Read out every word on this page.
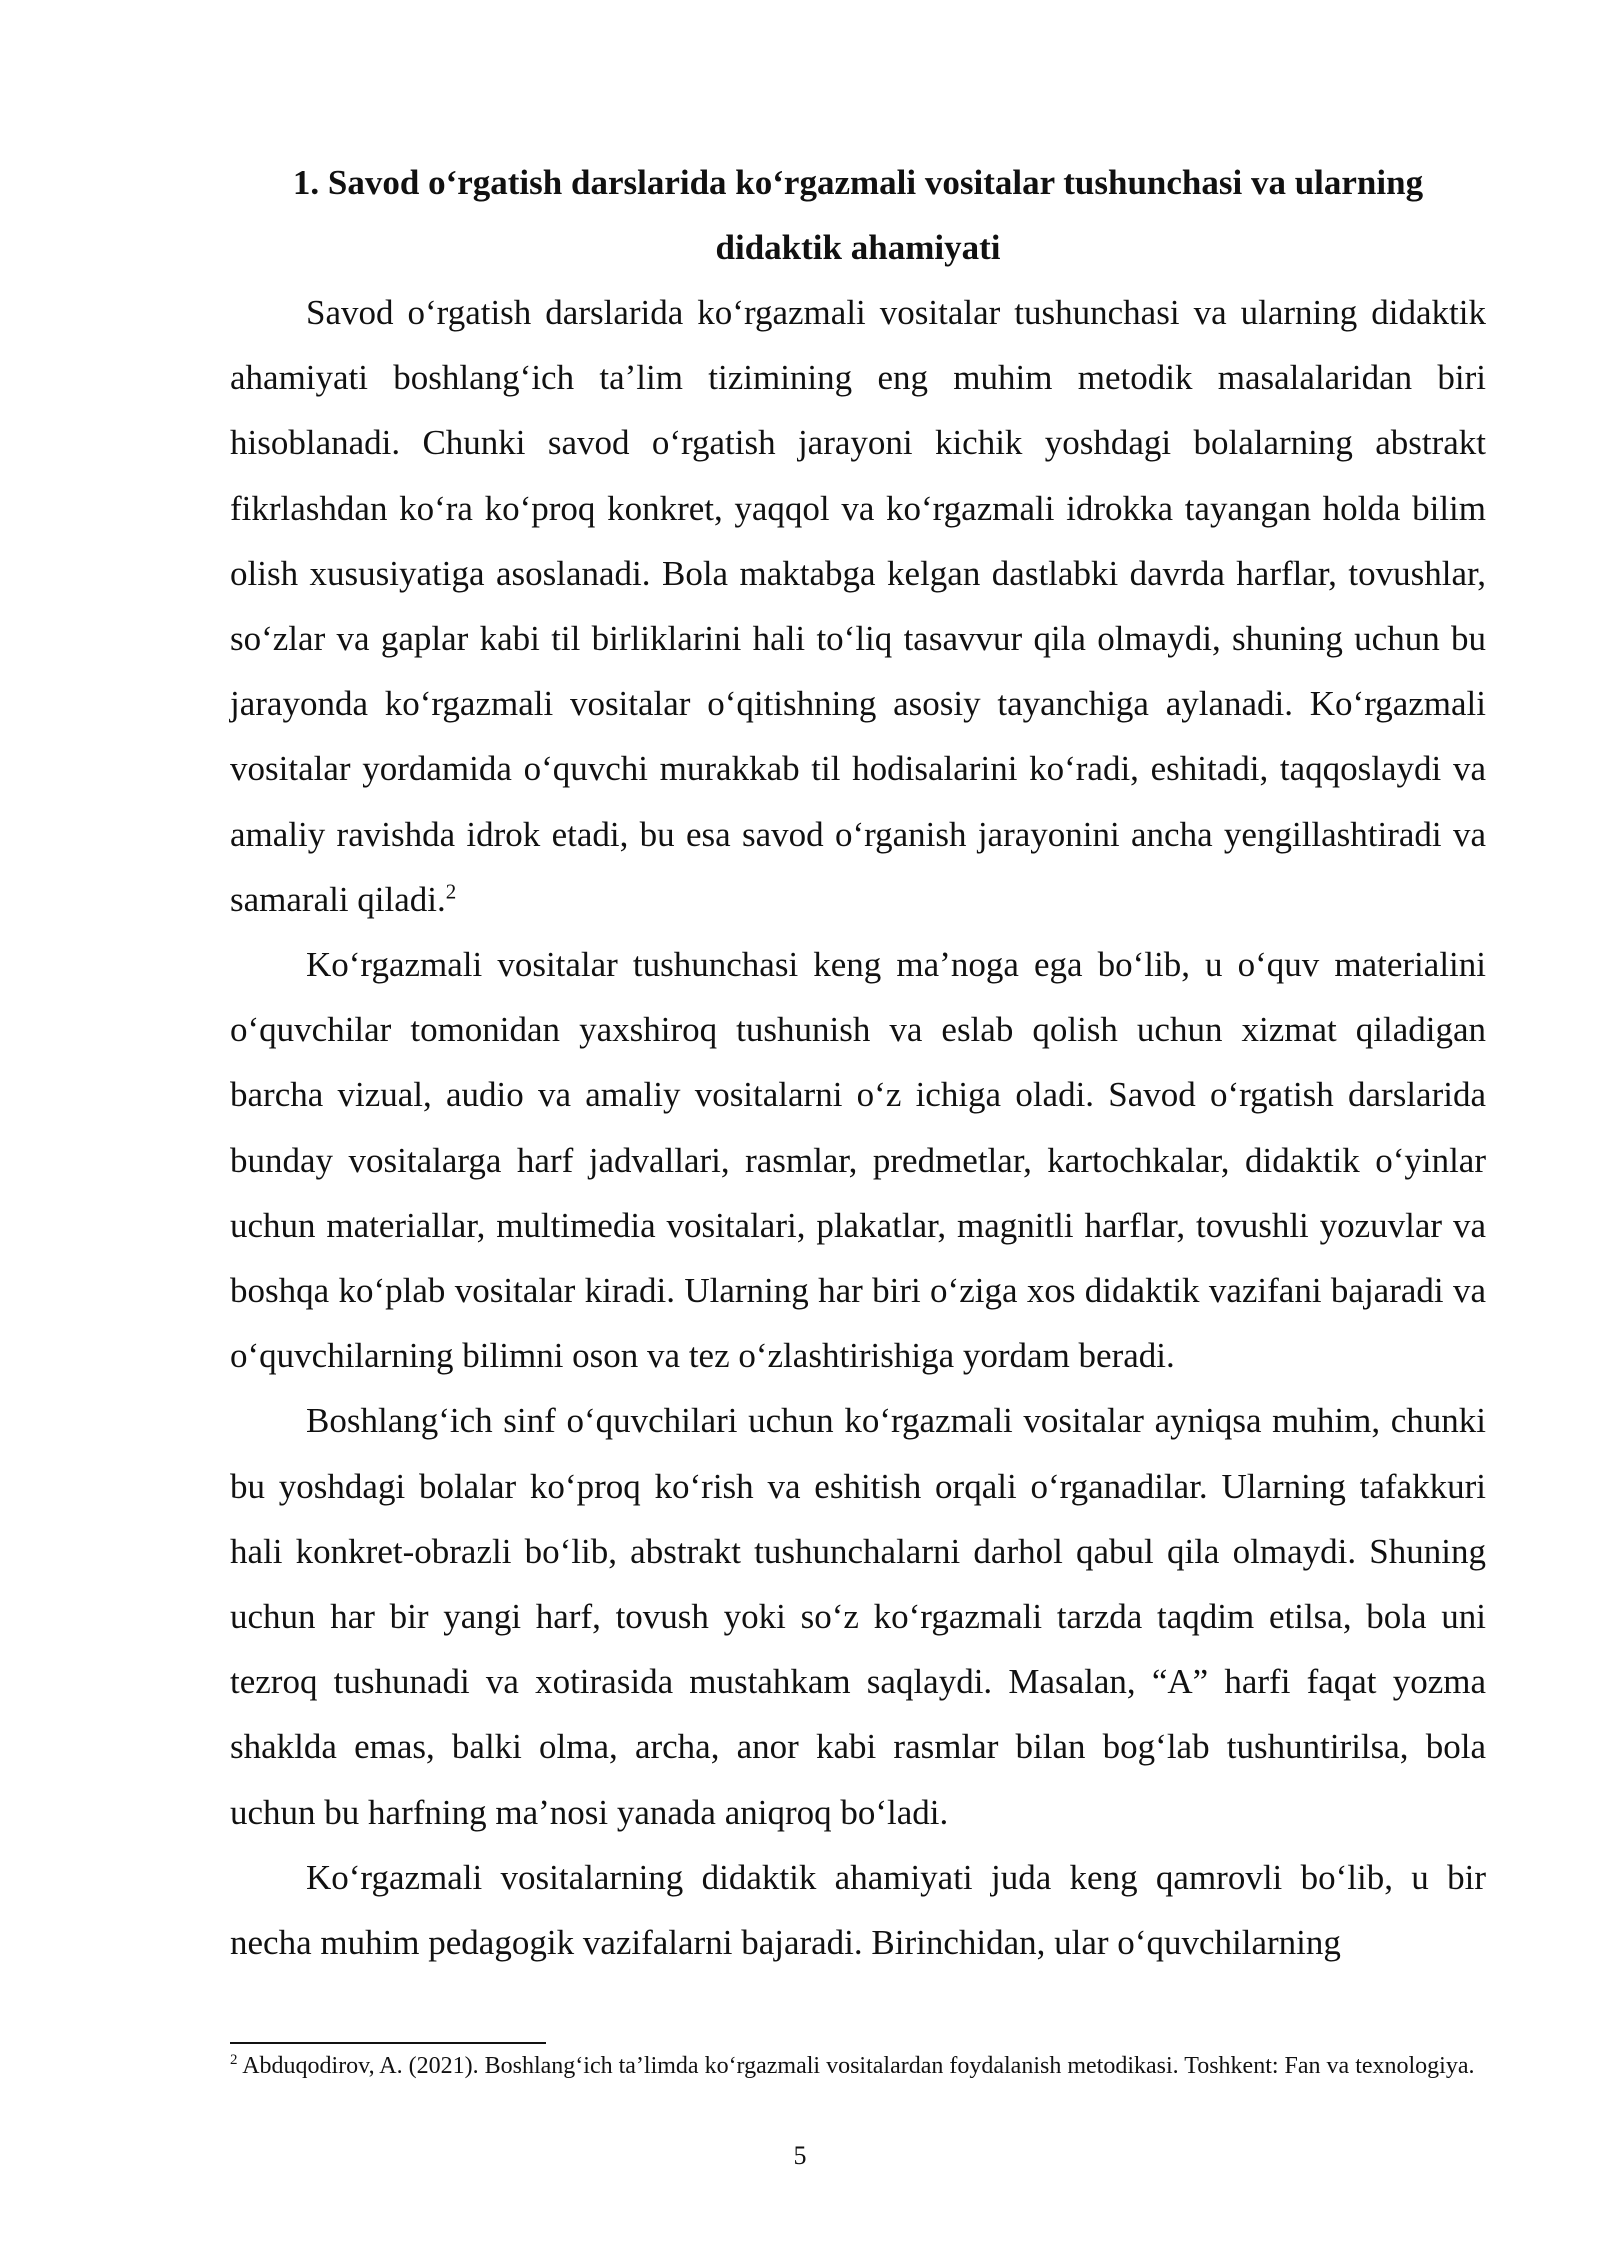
1. Savod oʻrgatish darslarida koʻrgazmali vositalar tushunchasi va ularning didaktik ahamiyati

Savod oʻrgatish darslarida koʻrgazmali vositalar tushunchasi va ularning didaktik ahamiyati boshlangʻich taʼlim tizimining eng muhim metodik masalalaridan biri hisoblanadi. Chunki savod oʻrgatish jarayoni kichik yoshdagi bolalarning abstrakt fikrlashdan koʻra koʻproq konkret, yaqqol va koʻrgazmali idrokka tayangan holda bilim olish xususiyatiga asoslanadi. Bola maktabga kelgan dastlabki davrda harflar, tovushlar, soʻzlar va gaplar kabi til birliklarini hali toʻliq tasavvur qila olmaydi, shuning uchun bu jarayonda koʻrgazmali vositalar oʻqitishning asosiy tayanchiga aylanadi. Koʻrgazmali vositalar yordamida oʻquvchi murakkab til hodisalarini koʻradi, eshitadi, taqqoslaydi va amaliy ravishda idrok etadi, bu esa savod oʻrganish jarayonini ancha yengillashtiradi va samarali qiladi.$^2$

Koʻrgazmali vositalar tushunchasi keng maʼnoga ega boʻlib, u oʻquv materialini oʻquvchilar tomonidan yaxshiroq tushunish va eslab qolish uchun xizmat qiladigan barcha vizual, audio va amaliy vositalarni oʻz ichiga oladi. Savod oʻrgatish darslarida bunday vositalarga harf jadvallari, rasmlar, predmetlar, kartochkalar, didaktik oʻyinlar uchun materiallar, multimedia vositalari, plakatlar, magnitli harflar, tovushli yozuvlar va boshqa koʻplab vositalar kiradi. Ularning har biri oʻziga xos didaktik vazifani bajaradi va oʻquvchilarning bilimni oson va tez oʻzlashtirishiga yordam beradi.

Boshlangʻich sinf oʻquvchilari uchun koʻrgazmali vositalar ayniqsa muhim, chunki bu yoshdagi bolalar koʻproq koʻrish va eshitish orqali oʻrganadilar. Ularning tafakkuri hali konkret-obrazli boʻlib, abstrakt tushunchalarni darhol qabul qila olmaydi. Shuning uchun har bir yangi harf, tovush yoki soʻz koʻrgazmali tarzda taqdim etilsa, bola uni tezroq tushunadi va xotirasida mustahkam saqlaydi. Masalan, “A” harfi faqat yozma shaklda emas, balki olma, archa, anor kabi rasmlar bilan bogʻlab tushuntirilsa, bola uchun bu harfning maʼnosi yanada aniqroq boʻladi.

Koʻrgazmali vositalarning didaktik ahamiyati juda keng qamrovli boʻlib, u bir necha muhim pedagogik vazifalarni bajaradi. Birinchidan, ular oʻquvchilarning

$^2$ Abduqodirov, A. (2021). Boshlangʻich taʼlimda koʻrgazmali vositalardan foydalanish metodikasi. Toshkent: Fan va texnologiya.

5
